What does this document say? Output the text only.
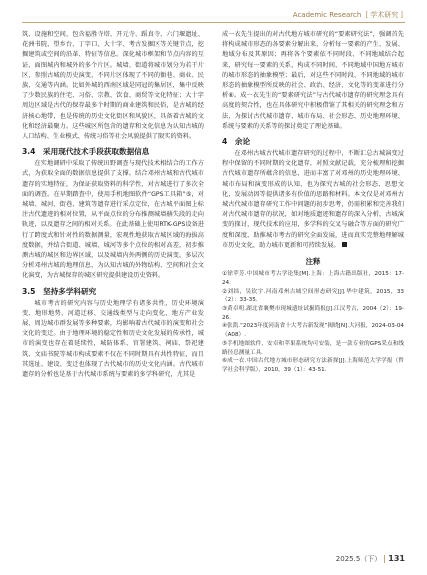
Academic Research [ 学术研究 ]

筑、设施和空间，包含福胜寺塔、开元寺、蹈真寺、六门堰遗址、花洲书院、望乡台、丁字口、大十字、考古发掘区等关键节点，挖掘建筑或空间的沿革、特征等信息。深化城市框架和节点内容的互证，面图城内和城外的多个片区。城墙、街道将城市划分为若干片区，参照古城的历史演变，不同片区体现了不同的衙巷、商业、民族、交通等内涵。比如外城的西南区域是同冠的集居区，集中反映了少数民族的住宅、习俗、宗教、饮食、商贸等文化特征；大十字周边区域是古代的保存最多个时期的商业建筑和民俗，是古城的经济核心地带，也是传统的历史文化街区和风貌区，具备着古城的文化和经济最聚力。这些城区所包含的遗存和文化信息为认知古城的人口结构、生业模式、传统习俗等社会风貌提供了限实的资料。

3.4　采用现代技术手段获取数据信息

在实地调研中采取了传统田野调查与现代技术相结合的工作方式，为获取全面的数据信息提供了支撑。结合邓州古城和古代城市遗存的实地特征，为保证获取资料的科学性，对古城进行了多次全面的调查。在早期踏查中，使用手机地图软件“GPS工具箱”⑤，对城墙、城河、街巷、建筑等遗存进行采点定位，在古城平面图上标注古代遗迹的相对位置，从平面点位的分布推测城墙赫失段的走向轨迹，以及遗存之间的相对关系。在此基础上使用RTK-GPS设备进行了跨度式和针对性的数据测量，宏观性地获取古城区域的海拔高度数据，并结合街道、城墙、城河等多个点位的相对高差，初步推测古城的城区和边界区域，以及城墙内外两侧的历史演变。多层次分析邓州古城的地理信息，为认知古城的外物结构、空间和社会文化演变，为古城保存的城区研究提供建设历史资料。

3.5　坚持多学科研究

城市考古的研究内容与历史地理学有诸多共性，历史环境演变、地形地势、河道迁移、交通线类型与走向变化、地方产业发展、周边城市群发展等多种要素，均影响着古代城市的演变和社会文化的变迁。由于地理环境的稳定性和历史文化发展的传承性，城市的演变也存在着延续性，城防体系、官署建筑、祠庙、祭祀建筑、文庙书院等城市构成要素不仅在不同时期具有共性特征，而且其选址、建设、变迁也体现了古代城市的历史文化内涵。古代城市遗存的分析也是基于古代城市系统与要素的多学科研究，尤其是

成一衣先生提出的对古代地方城市研究的“要素研究法”，强调首先将构成城市形态的各要素分解出来，分析每一要素的产生、发展、地域分布及其原因；再将各个要素依不同时段、不同地域结合起来，研究每一要素的关系，构成不同时间、不同地域中国地方城市的城市形态的抽象模型；最后，对这些不同时段、不同地域的城市形态的抽象模型所反映的社会、政治、经济、文化等的变革进行分析⑥。成一衣先生的“要素研究法”与古代城市遗存的研究理念具有高度的契合性，也在具体研究中积极借鉴了其相关的研究理念和方法，为探讨古代城市遗存、城市布局、社会形态、历史地理环境、系统与要素的关系等的探讨奠定了理论基础。

4　余论

在邓州古城古代城市遗存研究的过程中，不断汇总古城演变过程中保留的不同时期的文化遗存，对照文献记载，充分梳理和挖掘古代城市遗存所蕴含的信息，进而丰富了对邓州的历史地理环境、城市布局和演变形成的认知，也为探究古城的社会形态、思想文化、发展动因等提供诸多有价值的思路和材料。本文仅是对邓州古城古代城市遗存研究工作中问题的初步思考，仍需积累和完善我们对古代城市遗存的状况，如对地质遗迹和遗存的深入分析，古城演变的探讨，现代技术的应用，多学科的交叉与融合等方面的研究广度和深度，助推城市考古的研究全面发展，进而真实完整地理解城市历史文化，助力城市更新和可持续发展。

注释

①徐苹芳.中国城市考古学论集[M].上海：上海古籍出版社，2015：17-24.

②刘纬，吴钦宇.河南邓州古城空间形态研究[J].华中建筑，2015，33（2）：33-35.

③黄卓明.湖北省襄樊市现城遗址试掘简报[J].江汉考古，2004（2）：19-26.

④张凯.“2023年度河南省十大考古新发现”揭晓[N].大河报，2024-03-04（A08）.

⑤手机地图软件，安卓和苹果系统均可安装，是一款专业的GPS采点和线路径总测量工具.

⑥成一衣.中国古代地方城市形态研究方法新探[J].上海师范大学学报（哲学社会科学版），2010，39（1）：43-51.

2025.5（下） 131
